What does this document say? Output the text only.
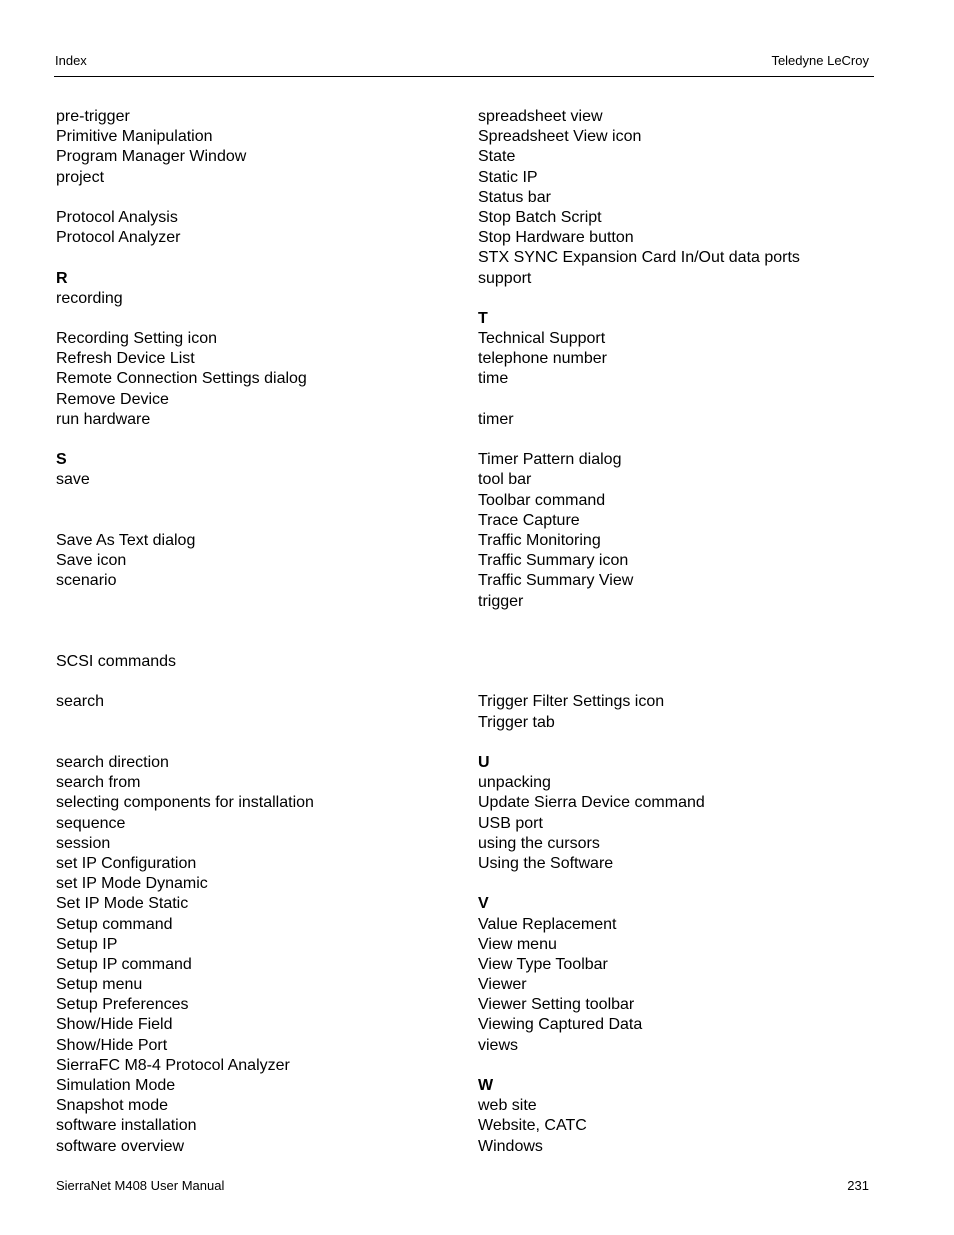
Index	Teledyne LeCroy
pre-trigger
Primitive Manipulation
Program Manager Window
project
Protocol Analysis
Protocol Analyzer
R
recording
Recording Setting icon
Refresh Device List
Remote Connection Settings dialog
Remove Device
run hardware
S
save
Save As Text dialog
Save icon
scenario
SCSI commands
search
search direction
search from
selecting components for installation
sequence
session
set IP Configuration
set IP Mode Dynamic
Set IP Mode Static
Setup command
Setup IP
Setup IP command
Setup menu
Setup Preferences
Show/Hide Field
Show/Hide Port
SierraFC M8-4 Protocol Analyzer
Simulation Mode
Snapshot mode
software installation
software overview
spreadsheet view
Spreadsheet View icon
State
Static IP
Status bar
Stop Batch Script
Stop Hardware button
STX SYNC Expansion Card In/Out data ports
support
T
Technical Support
telephone number
time
timer
Timer Pattern dialog
tool bar
Toolbar command
Trace Capture
Traffic Monitoring
Traffic Summary icon
Traffic Summary View
trigger
Trigger Filter Settings icon
Trigger tab
U
unpacking
Update Sierra Device command
USB port
using the cursors
Using the Software
V
Value Replacement
View menu
View Type Toolbar
Viewer
Viewer Setting toolbar
Viewing Captured Data
views
W
web site
Website, CATC
Windows
SierraNet M408 User Manual	231
